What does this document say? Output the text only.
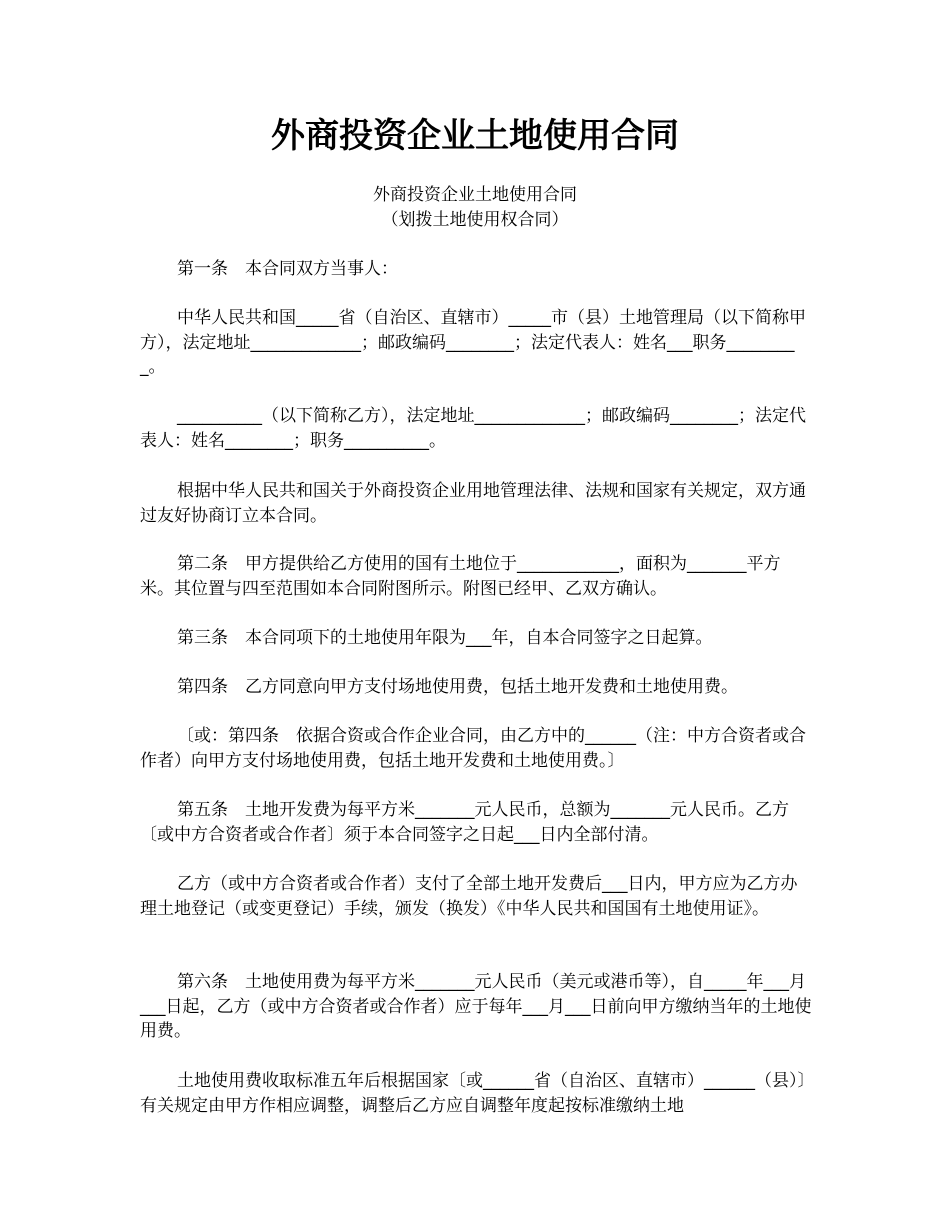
外商投资企业土地使用合同
外商投资企业土地使用合同
（划拨土地使用权合同）

第一条　本合同双方当事人：

中华人民共和国_____省（自治区、直辖市）_____市（县）土地管理局（以下简称甲方），法定地址_____________；邮政编码________；法定代表人：姓名___职务_________。

__________（以下简称乙方），法定地址_____________；邮政编码________；法定代表人：姓名________；职务__________。

根据中华人民共和国关于外商投资企业用地管理法律、法规和国家有关规定，双方通过友好协商订立本合同。

第二条　甲方提供给乙方使用的国有土地位于____________，面积为_______平方米。其位置与四至范围如本合同附图所示。附图已经甲、乙双方确认。

第三条　本合同项下的土地使用年限为___年，自本合同签字之日起算。

第四条　乙方同意向甲方支付场地使用费，包括土地开发费和土地使用费。

〔或：第四条　依据合资或合作企业合同，由乙方中的______（注：中方合资者或合作者）向甲方支付场地使用费，包括土地开发费和土地使用费。〕

第五条　土地开发费为每平方米_______元人民币，总额为_______元人民币。乙方〔或中方合资者或合作者〕须于本合同签字之日起___日内全部付清。

乙方（或中方合资者或合作者）支付了全部土地开发费后___日内，甲方应为乙方办理土地登记（或变更登记）手续，颁发（换发）《中华人民共和国国有土地使用证》。

第六条　土地使用费为每平方米_______元人民币（美元或港币等），自_____年___月___日起，乙方（或中方合资者或合作者）应于每年___月___日前向甲方缴纳当年的土地使用费。

土地使用费收取标准五年后根据国家〔或______省（自治区、直辖市）______（县）〕有关规定由甲方作相应调整，调整后乙方应自调整年度起按标准缴纳土地
